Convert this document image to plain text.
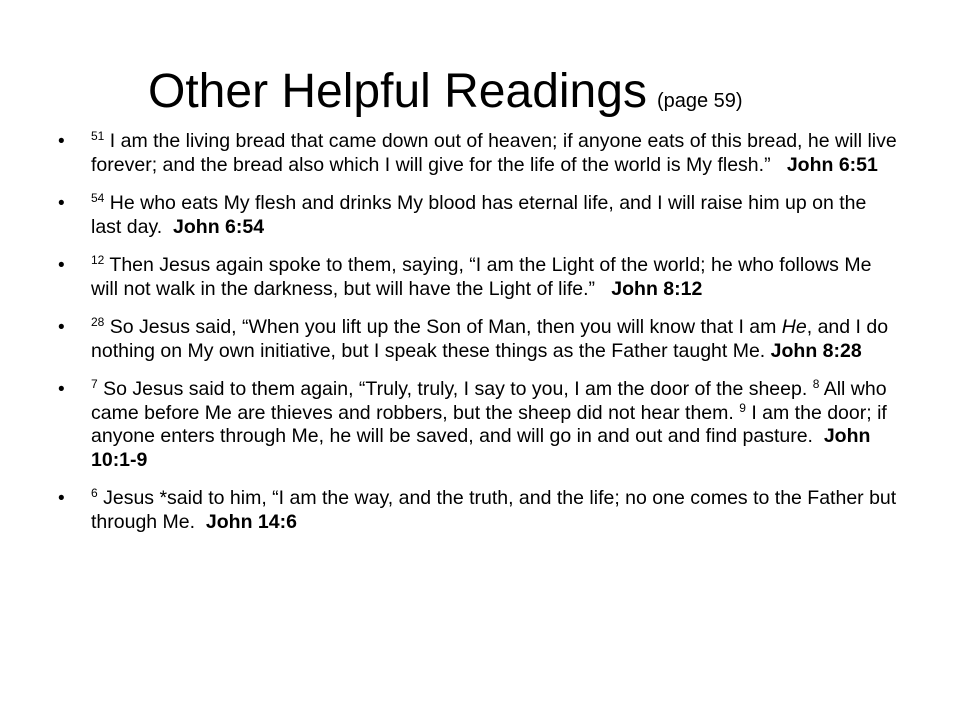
Other Helpful Readings (page 59)
• $^{51}$ I am the living bread that came down out of heaven; if anyone eats of this bread, he will live forever; and the bread also which I will give for the life of the world is My flesh.” John 6:51
• $^{54}$ He who eats My flesh and drinks My blood has eternal life, and I will raise him up on the last day. John 6:54
• $^{12}$ Then Jesus again spoke to them, saying, “I am the Light of the world; he who follows Me will not walk in the darkness, but will have the Light of life.” John 8:12
• $^{28}$ So Jesus said, “When you lift up the Son of Man, then you will know that I am He, and I do nothing on My own initiative, but I speak these things as the Father taught Me. John 8:28
• $^7$ So Jesus said to them again, “Truly, truly, I say to you, I am the door of the sheep. $^8$ All who came before Me are thieves and robbers, but the sheep did not hear them. $^9$ I am the door; if anyone enters through Me, he will be saved, and will go in and out and find pasture. John 10:1-9
• $^6$ Jesus *said to him, “I am the way, and the truth, and the life; no one comes to the Father but through Me. John 14:6
